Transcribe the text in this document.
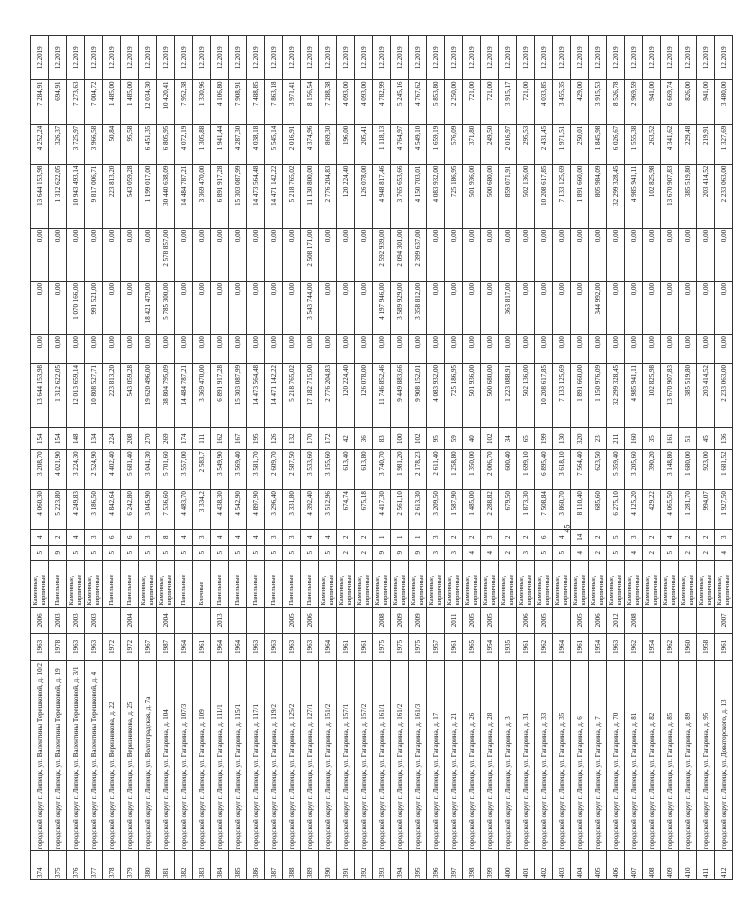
374	городской округ г. Липецк, ул. Валентины Терешковой, д. 10/2	1963	2006	Каменные, кирпичные	5	4	4 060,30	3 208,70	154	13 644 153,98	0,00	0,00	0,00	13 644 153,98	4 252,24	7 284,91	12.2019
375	городской округ г. Липецк, ул. Валентины Терешковой, д. 19	1978	2003	Панельные	9	2	5 223,80	4 021,90	154	1 312 622,05	0,00	0,00	0,00	1 312 622,05	326,37	694,91	12.2019
376	городской округ г. Липецк, ул. Валентины Терешковой, д. 3/1	1963	2003	Каменные, кирпичные	5	4	4 249,83	3 224,30	148	12 013 659,14	0,00	1 070 166,00	0,00	10 943 493,14	3 725,97	7 273,63	12.2019
377	городской округ г. Липецк, ул. Валентины Терешковой, д. 4	1963	2003	Каменные, кирпичные	5	3	3 186,50	2 524,90	134	10 808 527,71	0,00	991 521,00	0,00	9 817 006,71	3 966,58	7 004,72	12.2019
378	городской округ г. Липецк, ул. Веризникова, д. 22	1972		Панельные	5	6	4 842,64	4 402,40	224	223 813,20	0,00	0,00	0,00	223 813,20	50,84	1 485,00	12.2019
379	городской округ г. Липецк, ул. Веризникова, д. 25	1972	2004	Панельные	5	6	6 242,80	5 681,40	208	543 059,28	0,00	0,00	0,00	543 059,28	95,58	1 485,00	12.2019
380	городской округ г. Липецк, ул. Волгоградская, д. 7а	1967		Каменные, кирпичные	5	3	3 045,90	3 041,30	270	19 620 496,00	0,00	18 421 479,00	0,00	1 199 017,00	6 451,35	12 034,30	12.2019
381	городской округ г. Липецк, ул. Гагарина, д. 104	1987	2004	Каменные, кирпичные	5	8	7 536,60	5 701,60	269	38 804 795,09	0,00	5 785 300,00	2 578 857,00	30 440 638,09	6 805,95	10 420,41	12.2019
382	городской округ г. Липецк, ул. Гагарина, д. 107/3	1964		Панельные	5	4	4 483,70	3 557,00	174	14 484 787,21	0,00	0,00	0,00	14 484 787,21	4 072,19	7 952,38	12.2019
383	городской округ г. Липецк, ул. Гагарина, д. 109	1961		Блочные	5	3	3 334,2	2 583,7	111	3 369 470,00	0,00	0,00	0,00	3 369 470,00	1 305,88	1 330,96	12.2019
384	городской округ г. Липецк, ул. Гагарина, д. 111/1	1964	2013	Панельные	5	4	4 438,30	3 549,90	162	6 891 917,28	0,00	0,00	0,00	6 891 917,28	1 941,44	4 106,80	12.2019
385	городской округ г. Липецк, ул. Гагарина, д. 115/1	1964		Панельные	5	4	4 542,90	3 569,40	167	15 303 087,99	0,00	0,00	0,00	15 303 087,99	4 287,30	7 908,91	12.2019
386	городской округ г. Липецк, ул. Гагарина, д. 117/1	1963		Панельные	5	4	4 897,90	3 581,70	195	14 473 564,48	0,00	0,00	0,00	14 473 564,48	4 038,18	7 488,85	12.2019
387	городской округ г. Липецк, ул. Гагарина, д. 119/2	1963		Панельные	5	3	3 296,40	2 609,70	126	14 471 142,22	0,00	0,00	0,00	14 471 142,22	5 545,14	7 863,18	12.2019
388	городской округ г. Липецк, ул. Гагарина, д. 125/2	1963	2005	Панельные	5	3	3 331,80	2 587,50	132	5 218 765,02	0,00	0,00	0,00	5 218 765,02	2 016,91	3 971,41	12.2019
389	городской округ г. Липецк, ул. Гагарина, д. 127/1	1963	2006	Панельные	5	4	4 392,40	3 533,60	170	17 182 715,00	0,00	3 543 744,00	2 508 171,00	11 130 800,00	4 374,96	8 156,54	12.2019
390	городской округ г. Липецк, ул. Гагарина, д. 151/2	1964		Каменные, кирпичные	5	4	3 512,96	3 155,60	172	2 776 204,83	0,00	0,00	0,00	2 776 204,83	869,30	7 288,38	12.2019
391	городской округ г. Липецк, ул. Гагарина, д. 157/1	1961		Каменные, кирпичные	2	2	674,74	613,40	42	120 224,40	0,00	0,00	0,00	120 224,40	196,00	4 093,00	12.2019
392	городской округ г. Липецк, ул. Гагарина, д. 157/2	1961		Каменные, кирпичные	2	2	675,18	613,80	36	126 078,00	0,00	0,00	0,00	126 078,00	205,41	4 093,00	12.2019
393	городской округ г. Липецк, ул. Гагарина, д. 161/1	1975	2008	Каменные, кирпичные	9	1	4 417,30	3 740,70	83	11 746 852,46	0,00	4 197 946,00	2 592 939,00	4 948 817,46	1 118,13	4 782,99	12.2019
394	городской округ г. Липецк, ул. Гагарина, д. 161/2	1975	2009	Каменные, кирпичные	9	1	2 561,10	1 981,20	100	9 449 883,66	0,00	3 589 929,00	2 094 301,00	3 765 653,66	4 764,97	5 245,16	12.2019
395	городской округ г. Липецк, ул. Гагарина, д. 161/3	1975	2009	Каменные, кирпичные	9	1	2 613,30	2 178,23	102	9 908 152,01	0,00	3 358 812,00	2 399 637,00	4 150 703,01	4 549,10	4 767,62	12.2019
396	городской округ г. Липецк, ул. Гагарина, д. 17	1957		Каменные, кирпичные	3	3	3 209,50	2 611,40	95	4 083 932,00	0,00	0,00	0,00	4 083 932,00	1 659,19	5 853,80	12.2019
397	городской округ г. Липецк, ул. Гагарина, д. 21	1961	2011	Каменные, кирпичные	3	2	1 587,90	1 258,80	59	725 186,95	0,00	0,00	0,00	725 186,95	576,09	2 250,00	12.2019
398	городской округ г. Липецк, ул. Гагарина, д. 26	1965	2005	Каменные, кирпичные	4	2	1 485,00	1 350,00	40	501 936,00	0,00	0,00	0,00	501 936,00	371,80	721,00	12.2019
399	городской округ г. Липецк, ул. Гагарина, д. 28	1954	2005	Каменные, кирпичные	4	3	2 288,82	2 006,70	102	500 680,00	0,00	0,00	0,00	500 680,00	249,50	721,00	12.2019
400	городской округ г. Липецк, ул. Гагарина, д. 3	1935		Каменные, кирпичные	2	2	679,50	600,40	34	1 223 088,91	0,00	363 817,00	0,00	859 071,91	2 016,97	3 915,17	12.2019
401	городской округ г. Липецк, ул. Гагарина, д. 31	1961	2006	Каменные, кирпичные	3	2	1 873,30	1 699,10	65	502 136,00	0,00	0,00	0,00	502 136,00	295,53	721,00	12.2019
402	городской округ г. Липецк, ул. Гагарина, д. 33	1962	2005	Каменные, кирпичные	5	6	7 508,84	6 895,40	199	10 208 617,85	0,00	0,00	0,00	10 208 617,85	2 431,45	4 033,85	12.2019
403	городской округ г. Липецк, ул. Гагарина, д. 35	1964		Каменные, кирпичные	5	4	3 860,70	3 618,10	130	7 133 125,69	0,00	0,00	0,00	7 133 125,69	1 971,51	3 455,35	12.2019
404	городской округ г. Липецк, ул. Гагарина, д. 6	1961	2005	Каменные, кирпичные	4	14	8 110,40	7 564,40	320	1 891 660,00	0,00	0,00	0,00	1 891 660,00	250,01	429,00	12.2019
405	городской округ г. Липецк, ул. Гагарина, д. 7	1954	2006	Каменные, кирпичные	2	2	685,60	623,50	23	1 150 976,09	0,00	344 992,00	0,00	805 984,09	1 845,98	3 915,53	12.2019
406	городской округ г. Липецк, ул. Гагарина, д. 70	1963	2012	Каменные, кирпичные	5	5	6 275,10	5 359,40	211	32 299 328,45	0,00	0,00	0,00	32 299 328,45	6 026,67	8 526,78	12.2019
407	городской округ г. Липецк, ул. Гагарина, д. 81	1962	2008	Каменные, кирпичные	4	3	4 125,20	3 205,60	160	4 985 941,11	0,00	0,00	0,00	4 985 941,11	1 555,38	2 969,59	12.2019
408	городской округ г. Липецк, ул. Гагарина, д. 82	1954		Каменные, кирпичные	2	2	429,22	390,20	35	102 825,98	0,00	0,00	0,00	102 825,98	263,52	941,00	12.2019
409	городской округ г. Липецк, ул. Гагарина, д. 85	1962		Каменные, кирпичные	5	4	4 065,50	3 148,80	161	13 670 907,83	0,00	0,00	0,00	13 670 907,83	4 341,62	6 669,74	12.2019
410	городской округ г. Липецк, ул. Гагарина, д. 89	1960		Каменные, кирпичные	2	2	1 281,70	1 680,00	51	385 519,80	0,00	0,00	0,00	385 519,80	229,48	826,00	12.2019
411	городской округ г. Липецк, ул. Гагарина, д. 95	1958		Каменные, кирпичные	2	2	994,07	923,00	45	203 414,52	0,00	0,00	0,00	203 414,52	219,91	941,00	12.2019
412	городской округ г. Липецк, ул. Доваторского, д. 13	1961	2007	Каменные, кирпичные	4	3	1 927,50	1 681,52	136	2 233 063,00	0,00	0,00	0,00	2 233 063,00	1 327,69	3 480,00	12.2019
45
